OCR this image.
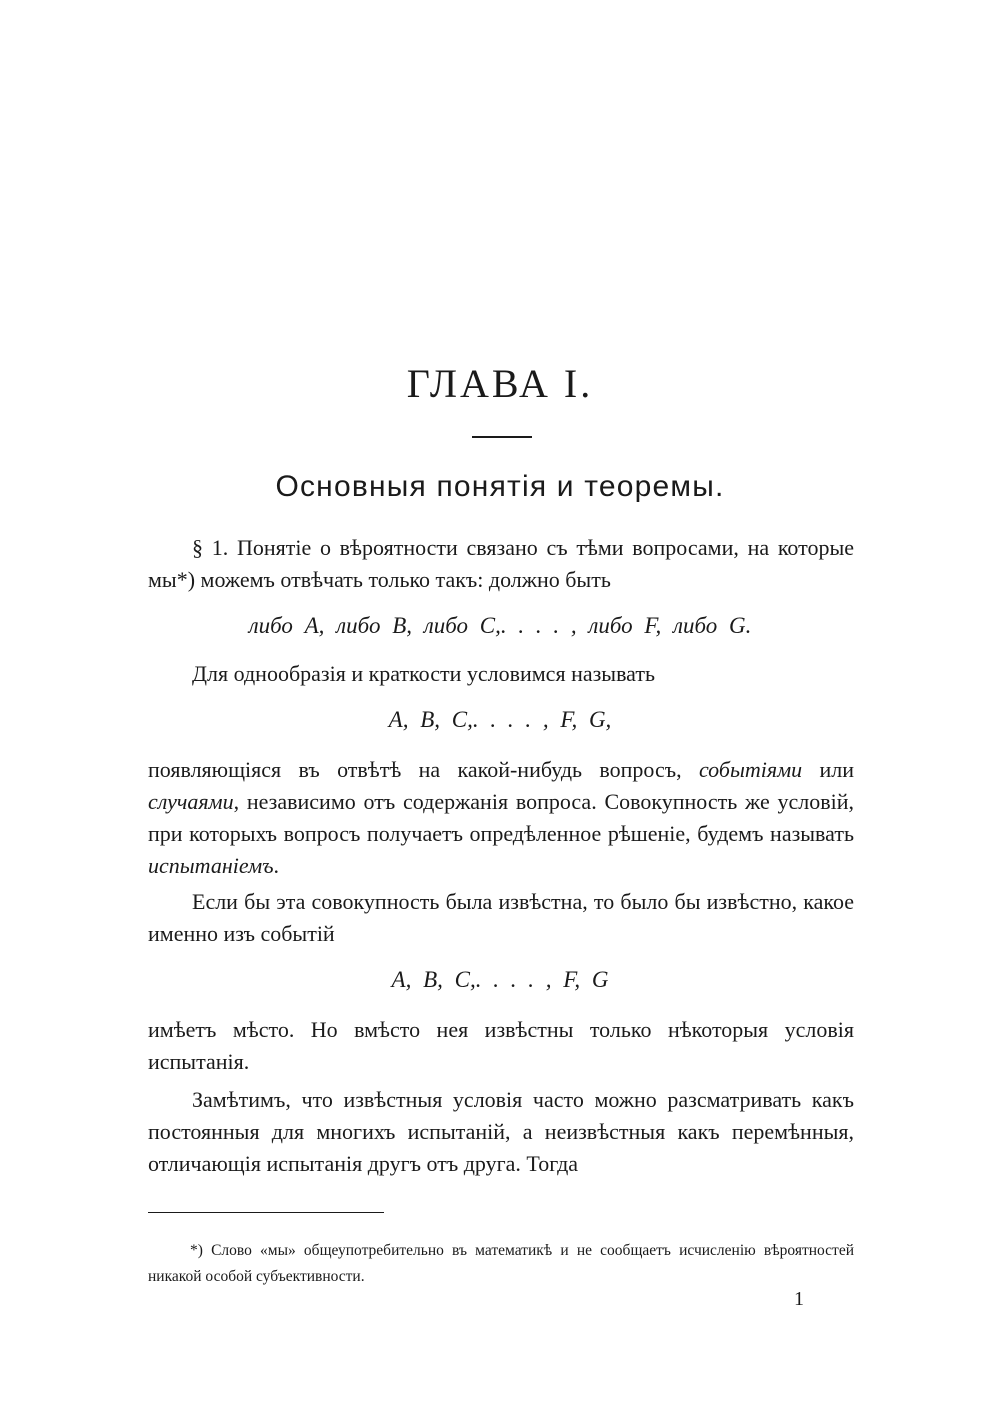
ГЛАВА I.
Основныя понятія и теоремы.

§ 1. Понятіе о вѣроятности связано съ тѣми вопросами, на которые мы*) можемъ отвѣчать только такъ: должно быть

либо A, либо B, либо C,. . . . , либо F, либо G.

Для однообразія и краткости условимся называть

A, B, C,. . . . , F, G,

появляющіяся въ отвѣтѣ на какой-нибудь вопросъ, событіями или случаями, независимо отъ содержанія вопроса. Совокупность же условій, при которыхъ вопросъ получаетъ опредѣленное рѣшеніе, будемъ называть испытаніемъ.

Если бы эта совокупность была извѣстна, то было бы извѣстно, какое именно изъ событій

A, B, C,. . . . , F, G

имѣетъ мѣсто. Но вмѣсто нея извѣстны только нѣкоторыя условія испытанія.

Замѣтимъ, что извѣстныя условія часто можно разсматривать какъ постоянныя для многихъ испытаній, а неизвѣстныя какъ перемѣнныя, отличающія испытанія другъ отъ друга. Тогда

*) Слово «мы» общеупотребительно въ математикѣ и не сообщаетъ исчисленію вѣроятностей никакой особой субъективности.

1
